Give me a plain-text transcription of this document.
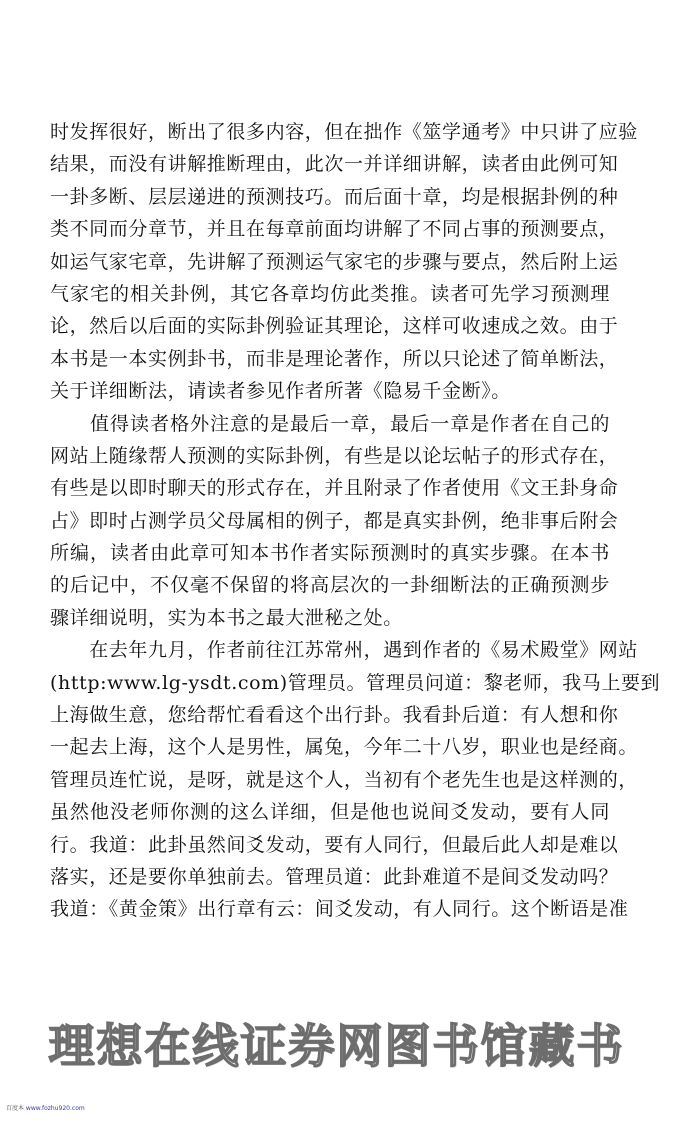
时发挥很好，断出了很多内容，但在拙作《筮学通考》中只讲了应验
结果，而没有讲解推断理由，此次一并详细讲解，读者由此例可知
一卦多断、层层递进的预测技巧。而后面十章，均是根据卦例的种
类不同而分章节，并且在每章前面均讲解了不同占事的预测要点，
如运气家宅章，先讲解了预测运气家宅的步骤与要点，然后附上运
气家宅的相关卦例，其它各章均仿此类推。读者可先学习预测理
论，然后以后面的实际卦例验证其理论，这样可收速成之效。由于
本书是一本实例卦书，而非是理论著作，所以只论述了简单断法，
关于详细断法，请读者参见作者所著《隐易千金断》。
　　值得读者格外注意的是最后一章，最后一章是作者在自己的
网站上随缘帮人预测的实际卦例，有些是以论坛帖子的形式存在，
有些是以即时聊天的形式存在，并且附录了作者使用《文王卦身命
占》即时占测学员父母属相的例子，都是真实卦例，绝非事后附会
所编，读者由此章可知本书作者实际预测时的真实步骤。在本书
的后记中，不仅毫不保留的将高层次的一卦细断法的正确预测步
骤详细说明，实为本书之最大泄秘之处。
　　在去年九月，作者前往江苏常州，遇到作者的《易术殿堂》网站
(http:www.lg-ysdt.com)管理员。管理员问道：黎老师，我马上要到
上海做生意，您给帮忙看看这个出行卦。我看卦后道：有人想和你
一起去上海，这个人是男性，属兔，今年二十八岁，职业也是经商。
管理员连忙说，是呀，就是这个人，当初有个老先生也是这样测的，
虽然他没老师你测的这么详细，但是他也说间爻发动，要有人同
行。我道：此卦虽然间爻发动，要有人同行，但最后此人却是难以
落实，还是要你单独前去。管理员道：此卦难道不是间爻发动吗？
我道：《黄金策》出行章有云：间爻发动，有人同行。这个断语是准
理想在线证券网图书馆藏书
百度本 www.fozhu920.com
